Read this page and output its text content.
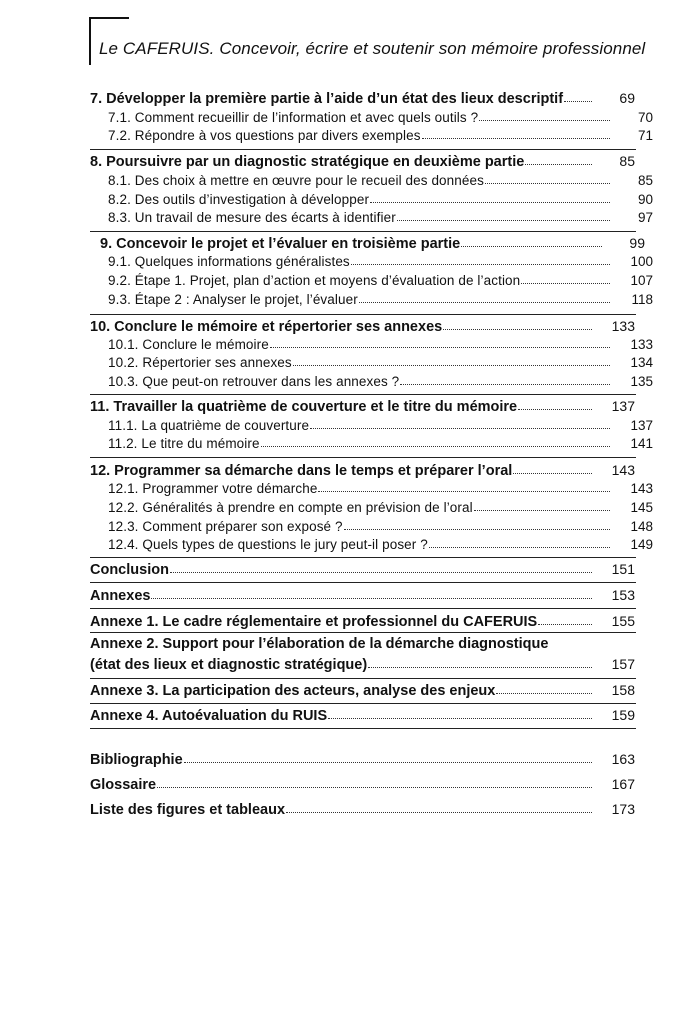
Le CAFERUIS. Concevoir, écrire et soutenir son mémoire professionnel
7. Développer la première partie à l’aide d’un état des lieux descriptif	69
7.1. Comment recueillir de l’information et avec quels outils ?	70
7.2. Répondre à vos questions par divers exemples	71
8. Poursuivre par un diagnostic stratégique en deuxième partie	85
8.1. Des choix à mettre en œuvre pour le recueil des données	85
8.2. Des outils d’investigation à développer	90
8.3. Un travail de mesure des écarts à identifier	97
9. Concevoir le projet et l’évaluer en troisième partie	99
9.1. Quelques informations généralistes	100
9.2. Étape 1. Projet, plan d’action et moyens d’évaluation de l’action	107
9.3. Étape 2 : Analyser le projet, l’évaluer	118
10. Conclure le mémoire et répertorier ses annexes	133
10.1. Conclure le mémoire	133
10.2. Répertorier ses annexes	134
10.3. Que peut-on retrouver dans les annexes ?	135
11. Travailler la quatrième de couverture et le titre du mémoire	137
11.1. La quatrième de couverture	137
11.2. Le titre du mémoire	141
12. Programmer sa démarche dans le temps et préparer l’oral	143
12.1. Programmer votre démarche	143
12.2. Généralités à prendre en compte en prévision de l’oral	145
12.3. Comment préparer son exposé ?	148
12.4. Quels types de questions le jury peut-il poser ?	149
Conclusion	151
Annexes	153
Annexe 1. Le cadre réglementaire et professionnel du CAFERUIS	155
Annexe 2. Support pour l’élaboration de la démarche diagnostique
(état des lieux et diagnostic stratégique)	157
Annexe 3. La participation des acteurs, analyse des enjeux	158
Annexe 4. Autoévaluation du RUIS	159
Bibliographie	163
Glossaire	167
Liste des figures et tableaux	173
